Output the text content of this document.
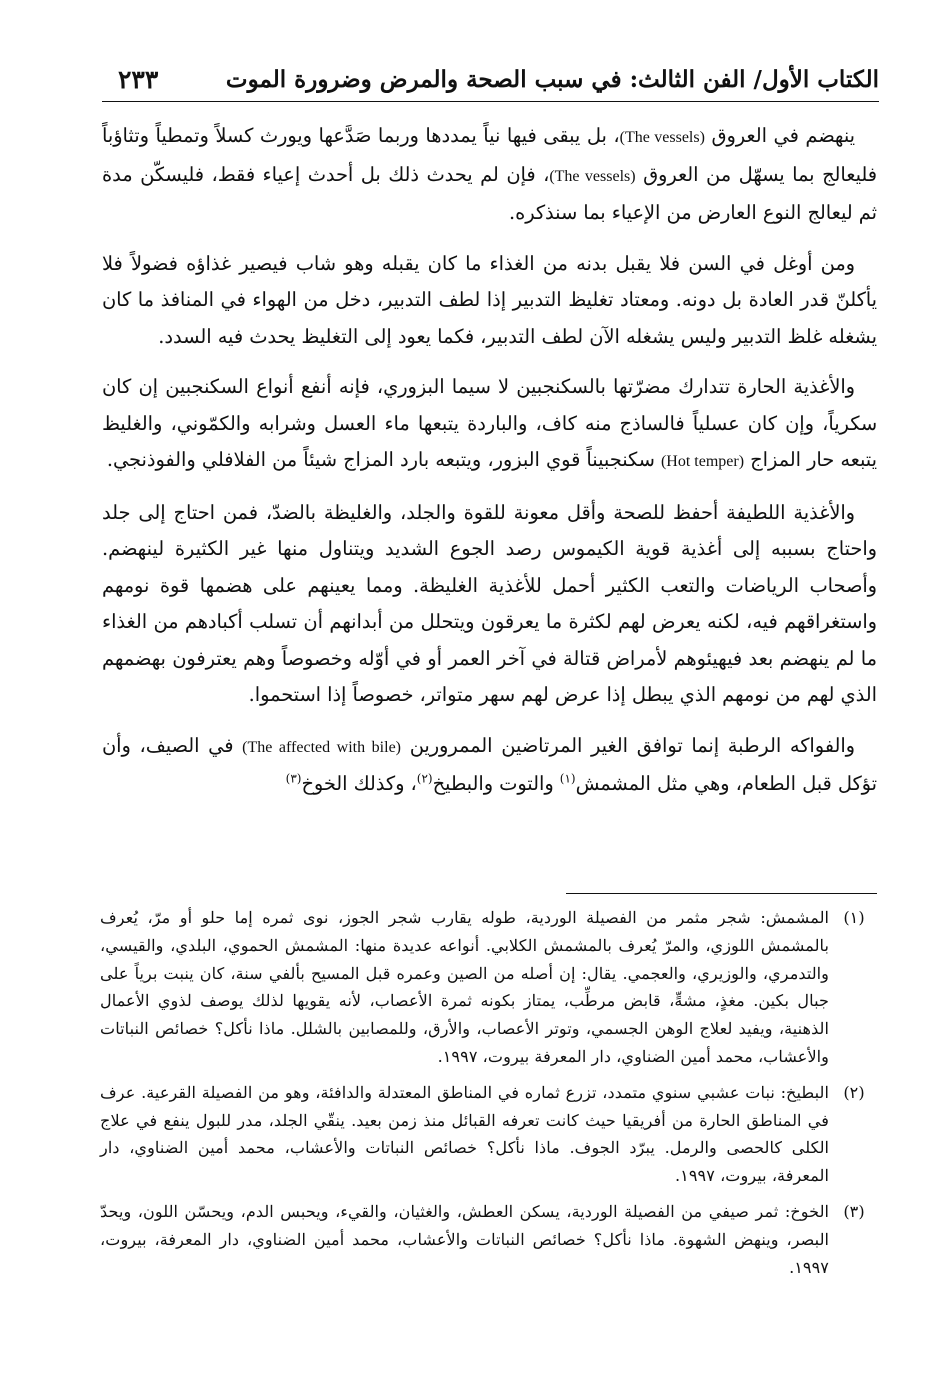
الكتاب الأول/ الفن الثالث: في سبب الصحة والمرض وضرورة الموت
٢٣٣

ينهضم في العروق (The vessels)، بل يبقى فيها نياً يمددها وربما صَدَّعها ويورث كسلاً وتمطياً وتثاؤباً فليعالج بما يسهّل من العروق (The vessels)، فإن لم يحدث ذلك بل أحدث إعياء فقط، فليسكّن مدة ثم ليعالج النوع العارض من الإعياء بما سنذكره.

ومن أوغل في السن فلا يقبل بدنه من الغذاء ما كان يقبله وهو شاب فيصير غذاؤه فضولاً فلا يأكلنّ قدر العادة بل دونه. ومعتاد تغليظ التدبير إذا لطف التدبير، دخل من الهواء في المنافذ ما كان يشغله غلظ التدبير وليس يشغله الآن لطف التدبير، فكما يعود إلى التغليظ يحدث فيه السدد.

والأغذية الحارة تتدارك مضرّتها بالسكنجبين لا سيما البزوري، فإنه أنفع أنواع السكنجبين إن كان سكرياً، وإن كان عسلياً فالساذج منه كاف، والباردة يتبعها ماء العسل وشرابه والكمّوني، والغليظ يتبعه حار المزاج (Hot temper) سكنجبيناً قوي البزور، ويتبعه بارد المزاج شيئاً من الفلافلي والفوذنجي.

والأغذية اللطيفة أحفظ للصحة وأقل معونة للقوة والجلد، والغليظة بالضدّ، فمن احتاج إلى جلد واحتاج بسببه إلى أغذية قوية الكيموس رصد الجوع الشديد ويتناول منها غير الكثيرة لينهضم. وأصحاب الرياضات والتعب الكثير أحمل للأغذية الغليظة. ومما يعينهم على هضمها قوة نومهم واستغراقهم فيه، لكنه يعرض لهم لكثرة ما يعرقون ويتحلل من أبدانهم أن تسلب أكبادهم من الغذاء ما لم ينهضم بعد فيهيئوهم لأمراض قتالة في آخر العمر أو في أوّله وخصوصاً وهم يعترفون بهضمهم الذي لهم من نومهم الذي يبطل إذا عرض لهم سهر متواتر، خصوصاً إذا استحموا.

والفواكه الرطبة إنما توافق الغير المرتاضين الممرورين (The affected with bile) في الصيف، وأن تؤكل قبل الطعام، وهي مثل المشمش$^{(١)}$ والتوت والبطيخ$^{(٢)}$، وكذلك الخوخ$^{(٣)}$

(١)
المشمش: شجر مثمر من الفصيلة الوردية، طوله يقارب شجر الجوز، نوى ثمره إما حلو أو مرّ، يُعرف بالمشمش اللوزي، والمرّ يُعرف بالمشمش الكلابي. أنواعه عديدة منها: المشمش الحموي، البلدي، والقيسي، والتدمري، والوزيري، والعجمي. يقال: إن أصله من الصين وعمره قبل المسيح بألفي سنة، كان ينبت برياً على جبال بكين. مغذٍ، مشهٍّ، قابض مرطِّب، يمتاز بكونه ثمرة الأعصاب، لأنه يقويها لذلك يوصف لذوي الأعمال الذهنية، ويفيد لعلاج الوهن الجسمي، وتوتر الأعصاب، والأرق، وللمصابين بالشلل. ماذا نأكل؟ خصائص النباتات والأعشاب، محمد أمين الضناوي، دار المعرفة بيروت، ١٩٩٧.
(٢)
البطيخ: نبات عشبي سنوي متمدد، تزرع ثماره في المناطق المعتدلة والدافئة، وهو من الفصيلة القرعية. عرف في المناطق الحارة من أفريقيا حيث كانت تعرفه القبائل منذ زمن بعيد. ينقّي الجلد، مدر للبول ينفع في علاج الكلى كالحصى والرمل. يبرّد الجوف. ماذا نأكل؟ خصائص النباتات والأعشاب، محمد أمين الضناوي، دار المعرفة، بيروت، ١٩٩٧.
(٣)
الخوخ: ثمر صيفي من الفصيلة الوردية، يسكن العطش، والغثيان، والقيء، ويحبس الدم، ويحسّن اللون، ويحدّ البصر، وينهض الشهوة. ماذا نأكل؟ خصائص النباتات والأعشاب، محمد أمين الضناوي، دار المعرفة، بيروت، ١٩٩٧.
